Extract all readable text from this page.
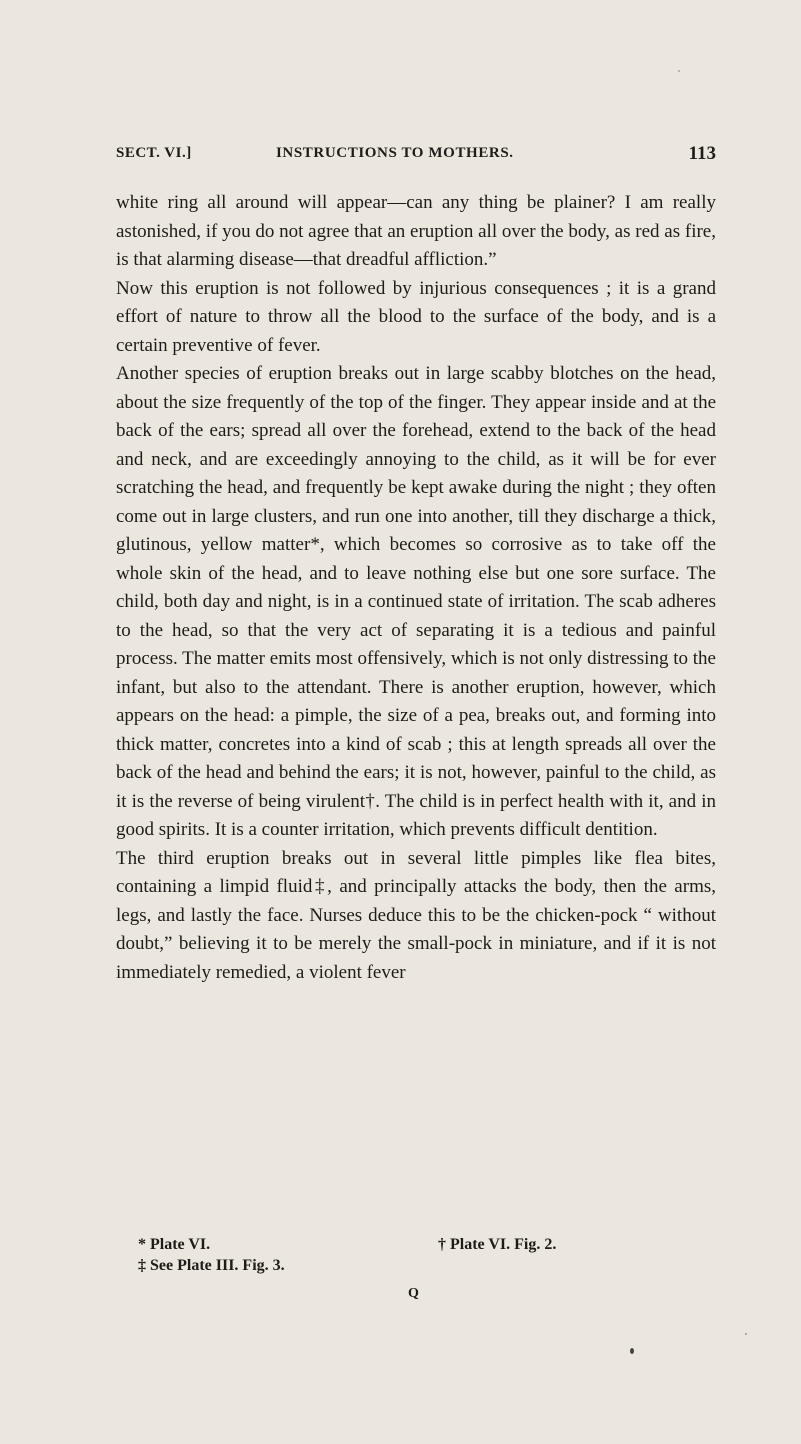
SECT. VI.]	INSTRUCTIONS TO MOTHERS.	113

white ring all around will appear—can any thing be plainer? I am really astonished, if you do not agree that an eruption all over the body, as red as fire, is that alarming disease—that dreadful affliction.”

Now this eruption is not followed by injurious consequences ; it is a grand effort of nature to throw all the blood to the surface of the body, and is a certain preventive of fever.

Another species of eruption breaks out in large scabby blotches on the head, about the size frequently of the top of the finger. They appear inside and at the back of the ears; spread all over the forehead, extend to the back of the head and neck, and are exceedingly annoying to the child, as it will be for ever scratching the head, and frequently be kept awake during the night ; they often come out in large clusters, and run one into another, till they discharge a thick, glutinous, yellow matter*, which becomes so corrosive as to take off the whole skin of the head, and to leave nothing else but one sore surface. The child, both day and night, is in a continued state of irritation. The scab adheres to the head, so that the very act of separating it is a tedious and painful process. The matter emits most offensively, which is not only distressing to the infant, but also to the attendant. There is another eruption, however, which appears on the head: a pimple, the size of a pea, breaks out, and forming into thick matter, concretes into a kind of scab ; this at length spreads all over the back of the head and behind the ears; it is not, however, painful to the child, as it is the reverse of being virulent†. The child is in perfect health with it, and in good spirits. It is a counter irritation, which prevents difficult dentition.

The third eruption breaks out in several little pimples like flea bites, containing a limpid fluid‡, and principally attacks the body, then the arms, legs, and lastly the face. Nurses deduce this to be the chicken-pock “ without doubt,” believing it to be merely the small-pock in miniature, and if it is not immediately remedied, a violent fever

* Plate VI.	† Plate VI. Fig. 2.
‡ See Plate III. Fig. 3.
Q
